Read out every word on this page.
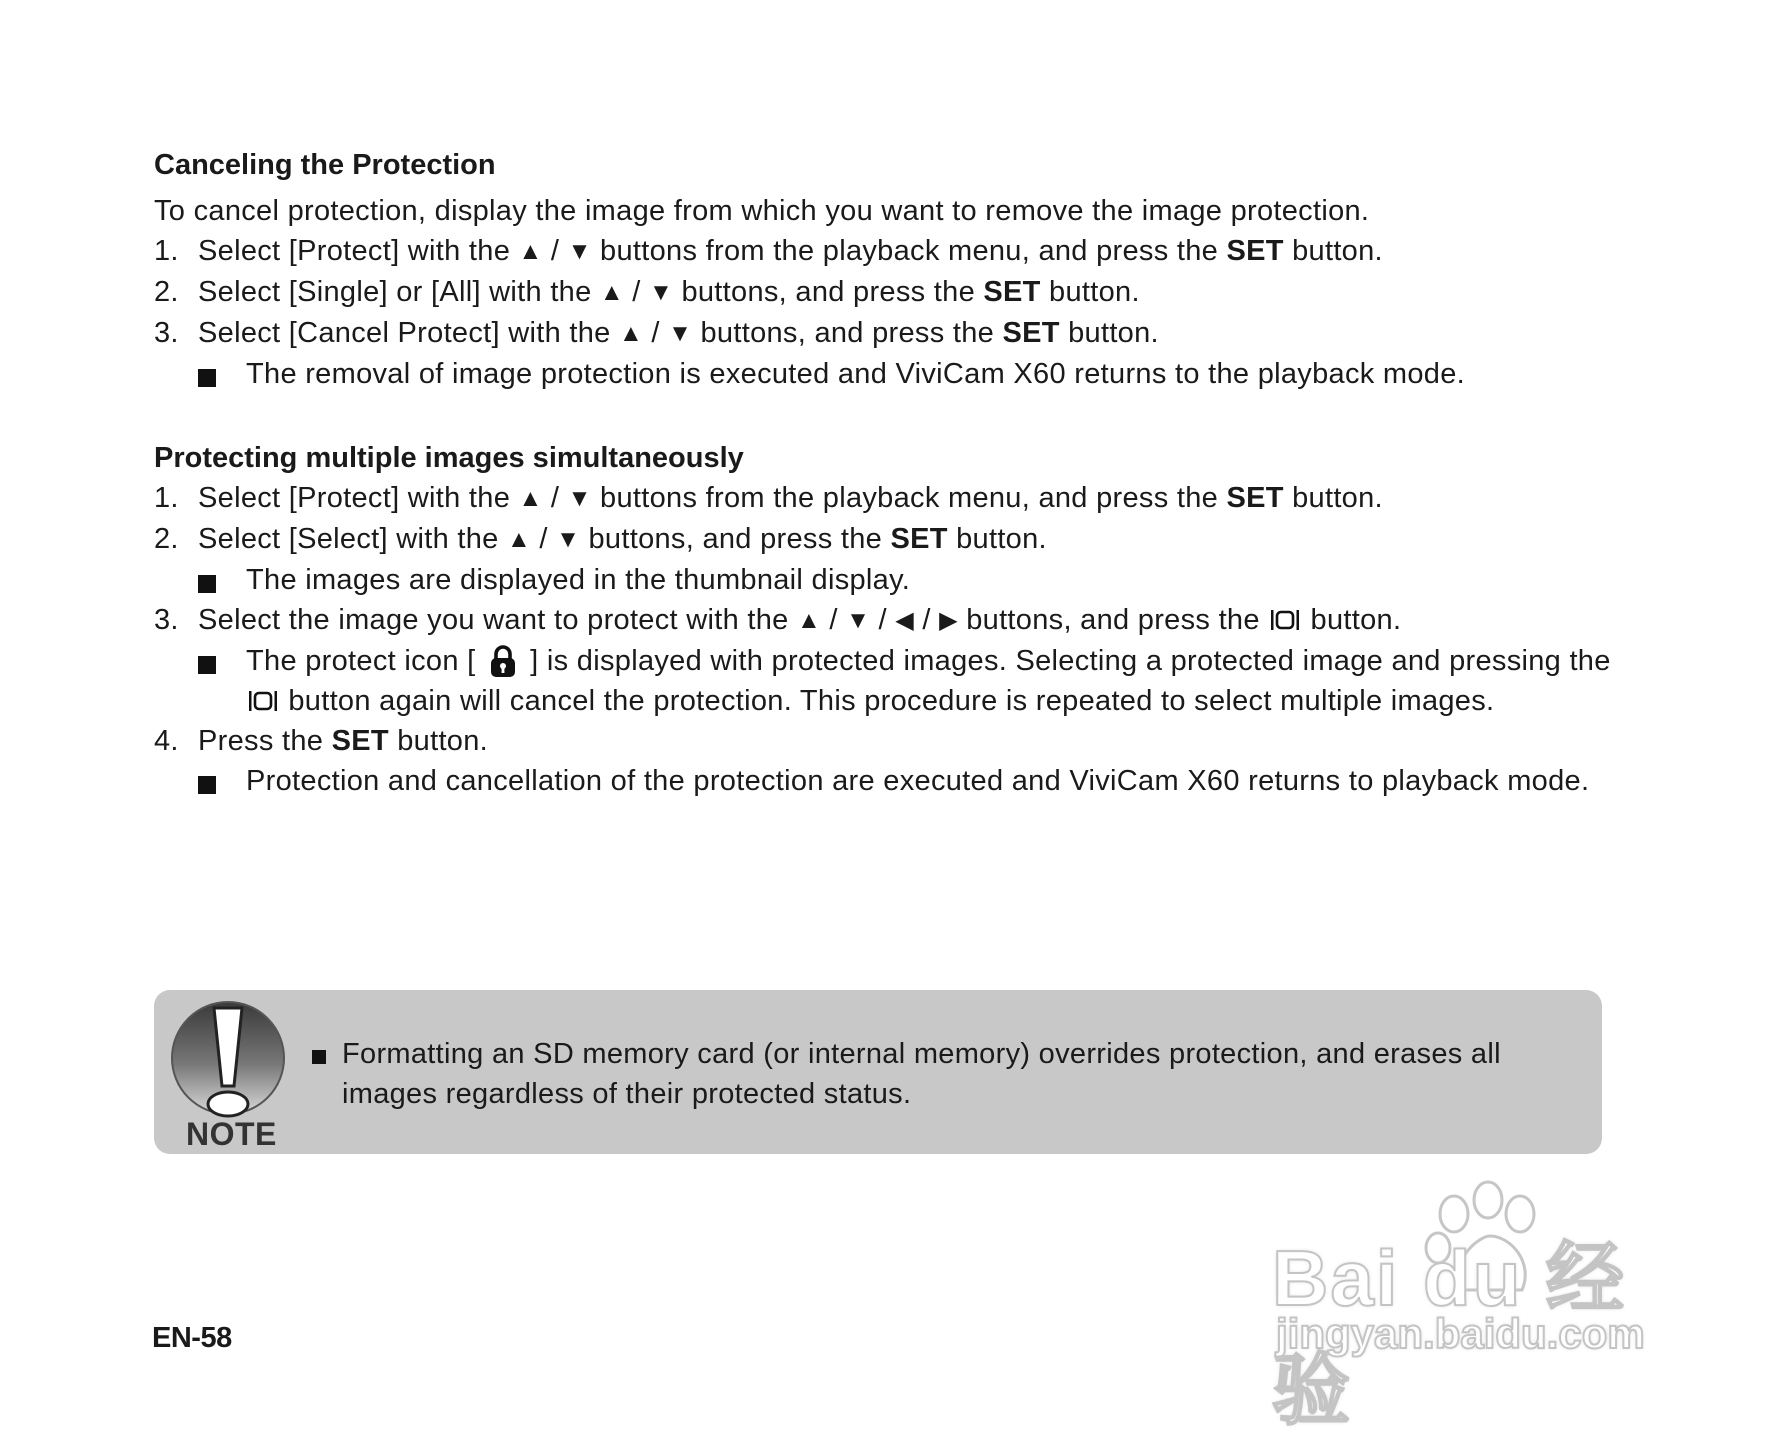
Canceling the Protection

To cancel protection, display the image from which you want to remove the image protection.

1. Select [Protect] with the ▲ / ▼ buttons from the playback menu, and press the SET button.
2. Select [Single] or [All] with the ▲ / ▼ buttons, and press the SET button.
3. Select [Cancel Protect] with the ▲ / ▼ buttons, and press the SET button.
The removal of image protection is executed and ViviCam X60 returns to the playback mode.
Protecting multiple images simultaneously
1. Select [Protect] with the ▲ / ▼ buttons from the playback menu, and press the SET button.
2. Select [Select] with the ▲ / ▼ buttons, and press the SET button.
The images are displayed in the thumbnail display.
3. Select the image you want to protect with the ▲ / ▼ / ◀ / ▶ buttons, and press the  button.
The protect icon [  ] is displayed with protected images. Selecting a protected image and pressing the  button again will cancel the protection. This procedure is repeated to select multiple images.
4. Press the SET button.
Protection and cancellation of the protection are executed and ViviCam X60 returns to playback mode.
NOTE
Formatting an SD memory card (or internal memory) overrides protection, and erases all images regardless of their protected status.
EN-58
Bai du 经验
jingyan.baidu.com
